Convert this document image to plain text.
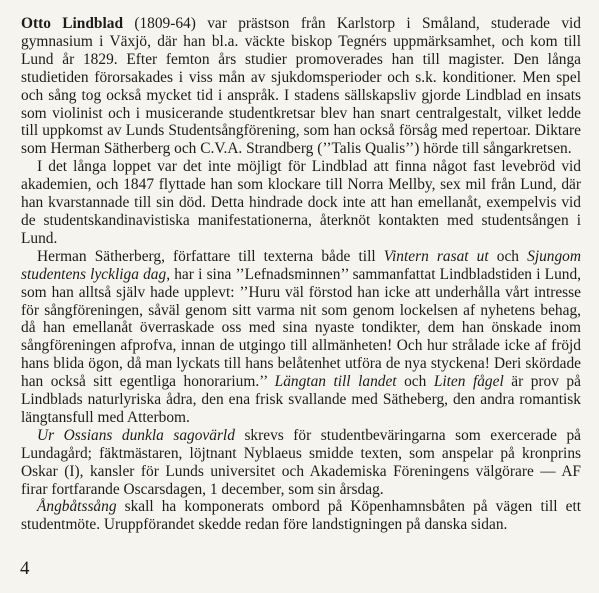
Otto Lindblad (1809-64) var prästson från Karlstorp i Småland, studerade vid gymnasium i Växjö, där han bl.a. väckte biskop Tegnérs uppmärksamhet, och kom till Lund år 1829. Efter femton års studier promoverades han till magister. Den långa studietiden förorsakades i viss mån av sjukdomsperioder och s.k. konditioner. Men spel och sång tog också mycket tid i anspråk. I stadens sällskapsliv gjorde Lindblad en insats som violinist och i musicerande studentkretsar blev han snart centralgestalt, vilket ledde till uppkomst av Lunds Studentsångförening, som han också försåg med repertoar. Diktare som Herman Sätherberg och C.V.A. Strandberg (’’Talis Qualis’’) hörde till sångarkretsen.

I det långa loppet var det inte möjligt för Lindblad att finna något fast levebröd vid akademien, och 1847 flyttade han som klockare till Norra Mellby, sex mil från Lund, där han kvarstannade till sin död. Detta hindrade dock inte att han emellanåt, exempelvis vid de studentskandinavistiska manifestationerna, återknöt kontakten med studentsången i Lund.

Herman Sätherberg, författare till texterna både till Vintern rasat ut och Sjungom studentens lyckliga dag, har i sina ’’Lefnadsminnen’’ sammanfattat Lindbladstiden i Lund, som han alltså själv hade upplevt: ’’Huru väl förstod han icke att underhålla vårt intresse för sångföreningen, såväl genom sitt varma nit som genom lockelsen af nyhetens behag, då han emellanåt överraskade oss med sina nyaste tondikter, dem han önskade inom sångföreningen afprofva, innan de utgingo till allmänheten! Och hur strålade icke af fröjd hans blida ögon, då man lyckats till hans belåtenhet utföra de nya styckena! Deri skördade han också sitt egentliga honorarium.’’ Längtan till landet och Liten fågel är prov på Lindblads naturlyriska ådra, den ena frisk svallande med Sätheberg, den andra romantisk längtansfull med Atterbom.

Ur Ossians dunkla sagovärld skrevs för studentbeväringarna som exercerade på Lundagård; fäktmästaren, löjtnant Nyblaeus smidde texten, som anspelar på kronprins Oskar (I), kansler för Lunds universitet och Akademiska Föreningens välgörare — AF firar fortfarande Oscarsdagen, 1 december, som sin årsdag.

Ångbåtssång skall ha komponerats ombord på Köpenhamnsbåten på vägen till ett studentmöte. Uruppförandet skedde redan före landstigningen på danska sidan.

4
